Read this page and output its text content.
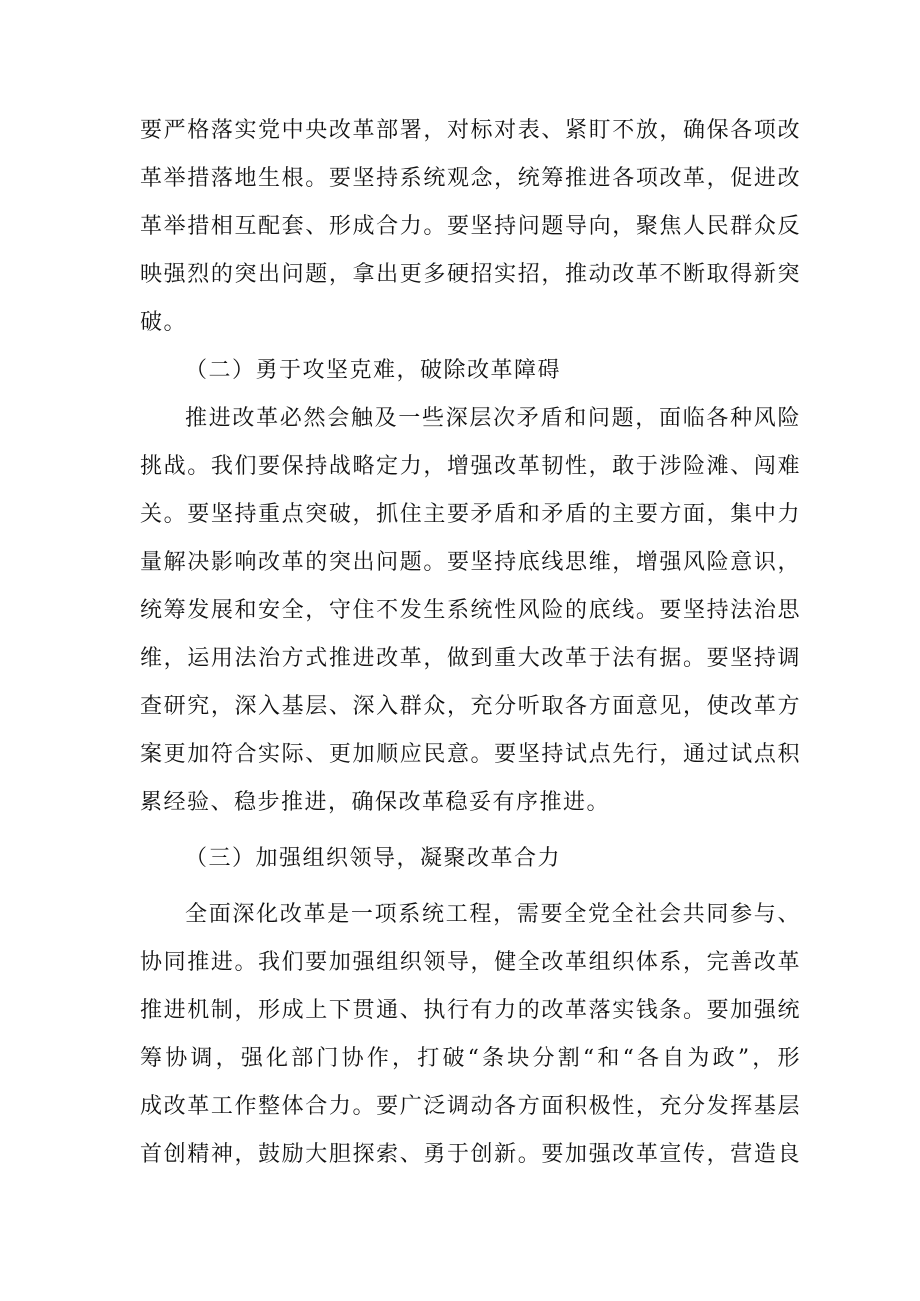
要严格落实党中央改革部署，对标对表、紧盯不放，确保各项改
革举措落地生根。要坚持系统观念，统筹推进各项改革，促进改
革举措相互配套、形成合力。要坚持问题导向，聚焦人民群众反
映强烈的突出问题，拿出更多硬招实招，推动改革不断取得新突
破。
（二）勇于攻坚克难，破除改革障碍
推进改革必然会触及一些深层次矛盾和问题，面临各种风险
挑战。我们要保持战略定力，增强改革韧性，敢于涉险滩、闯难
关。要坚持重点突破，抓住主要矛盾和矛盾的主要方面，集中力
量解决影响改革的突出问题。要坚持底线思维，增强风险意识，
统筹发展和安全，守住不发生系统性风险的底线。要坚持法治思
维，运用法治方式推进改革，做到重大改革于法有据。要坚持调
查研究，深入基层、深入群众，充分听取各方面意见，使改革方
案更加符合实际、更加顺应民意。要坚持试点先行，通过试点积
累经验、稳步推进，确保改革稳妥有序推进。
（三）加强组织领导，凝聚改革合力
全面深化改革是一项系统工程，需要全党全社会共同参与、
协同推进。我们要加强组织领导，健全改革组织体系，完善改革
推进机制，形成上下贯通、执行有力的改革落实钱条。要加强统
筹协调，强化部门协作，打破“条块分割“和“各自为政”，形
成改革工作整体合力。要广泛调动各方面积极性，充分发挥基层
首创精神，鼓励大胆探索、勇于创新。要加强改革宣传，营造良
